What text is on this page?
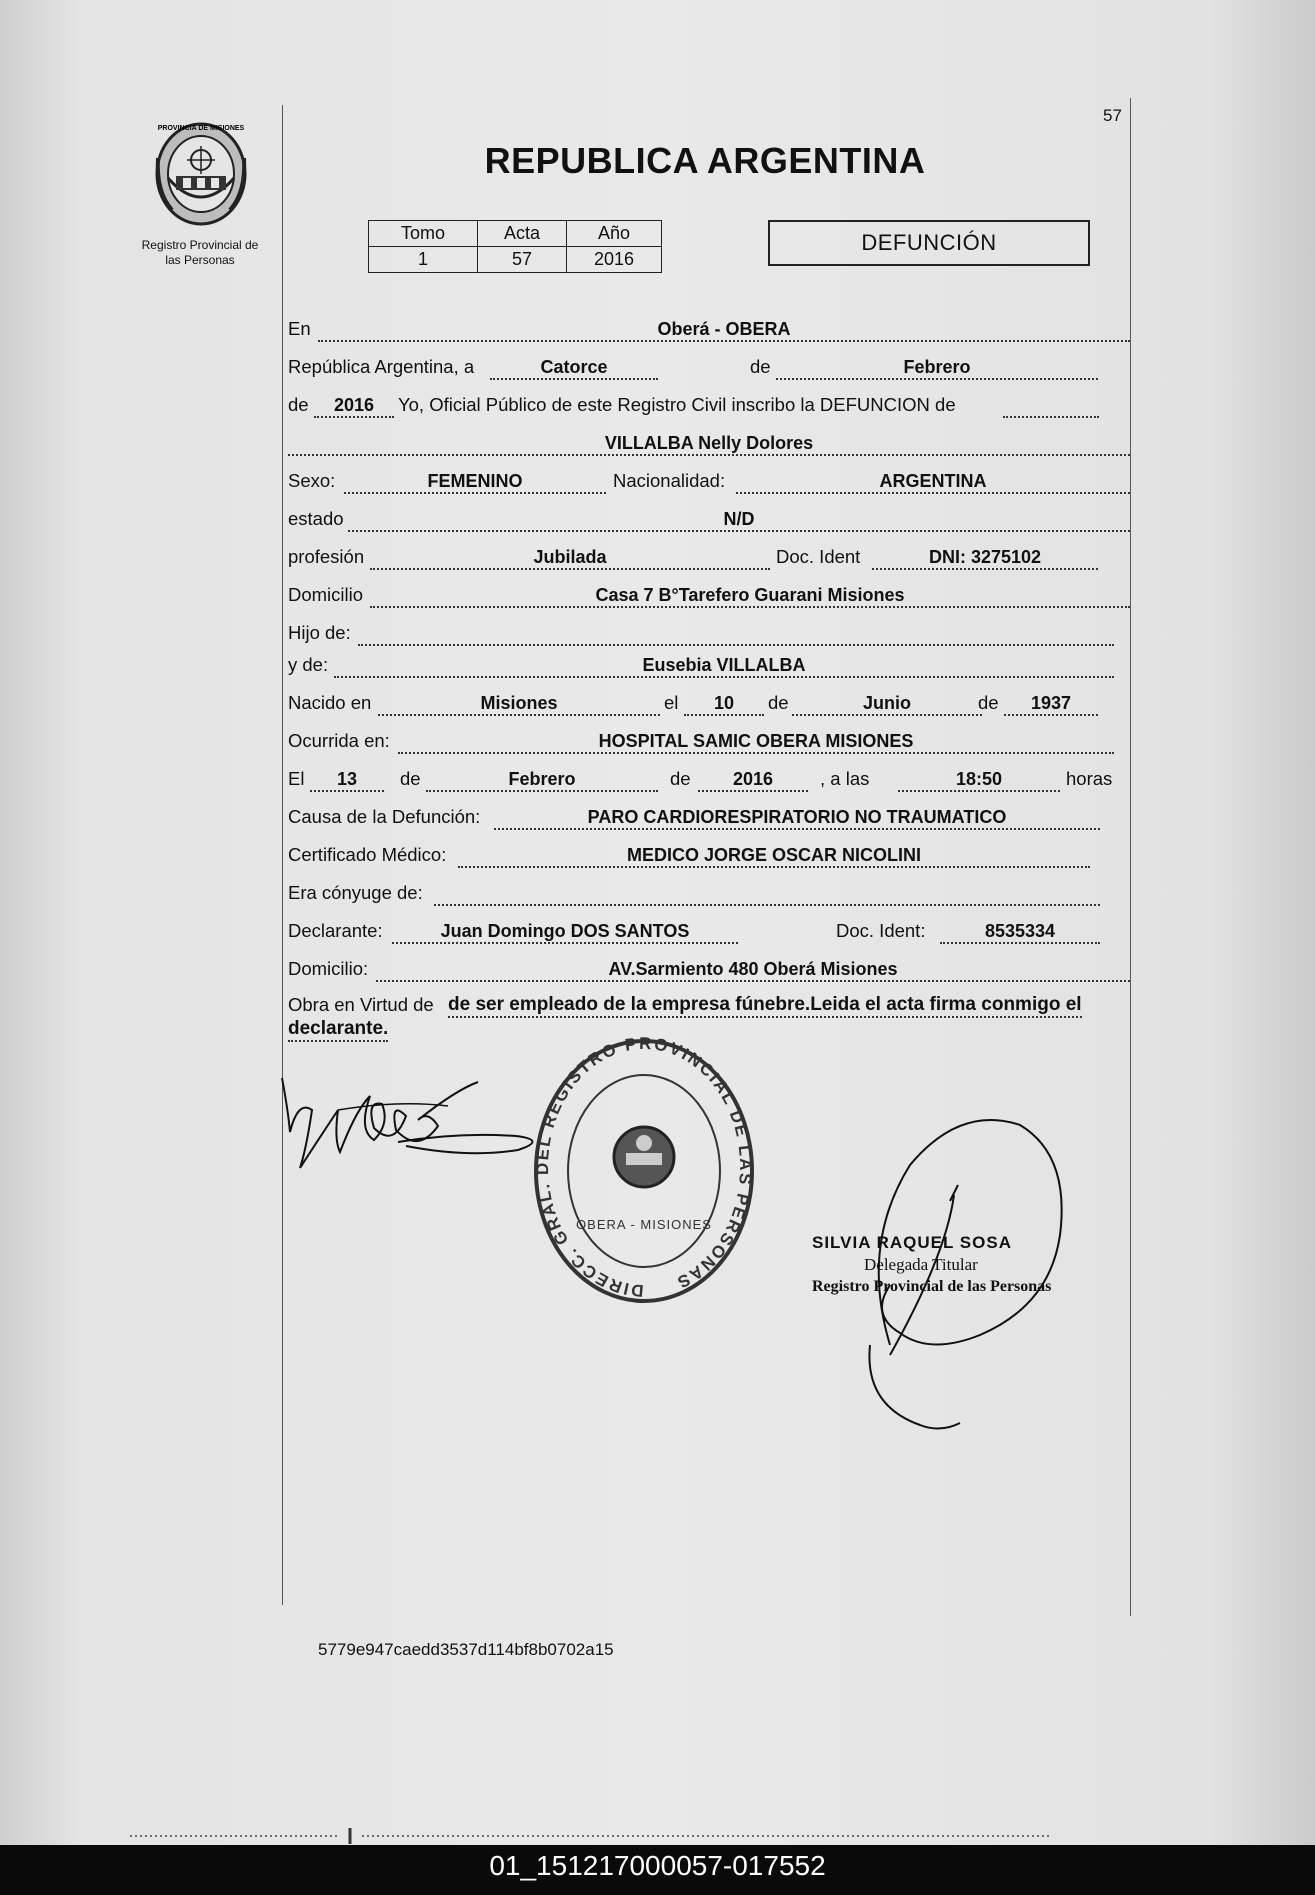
57
PROVINCIA DE MISIONES
Registro Provincial de
las Personas
REPUBLICA ARGENTINA
Tomo	Acta	Año
1	57	2016
DEFUNCIÓN
En	Oberá - OBERA
República Argentina, a	Catorce	de	Febrero
de	2016	Yo, Oficial Público de este Registro Civil inscribo la DEFUNCION de
VILLALBA Nelly Dolores
Sexo:	FEMENINO	Nacionalidad:	ARGENTINA
estado	N/D
profesión	Jubilada	Doc. Ident	DNI: 3275102
Domicilio	Casa 7 B°Tarefero Guarani Misiones
Hijo de:
y de:	Eusebia VILLALBA
Nacido en	Misiones	el	10	de	Junio	de	1937
Ocurrida en:	HOSPITAL SAMIC OBERA MISIONES
El	13	de	Febrero	de	2016	, a las	18:50	horas
Causa de la Defunción:	PARO CARDIORESPIRATORIO NO TRAUMATICO
Certificado Médico:	MEDICO JORGE OSCAR NICOLINI
Era cónyuge de:
Declarante:	Juan Domingo DOS SANTOS	Doc. Ident:	8535334
Domicilio:	AV.Sarmiento 480 Oberá Misiones
Obra en Virtud de de ser empleado de la empresa fúnebre.Leida el acta firma conmigo el
declarante.
DIRECC. GRAL. DEL REGISTRO PROVINCIAL DE LAS PERSONAS
OBERA - MISIONES
SILVIA RAQUEL SOSA
Delegada Titular
Registro Provincial de las Personas
5779e947caedd3537d114bf8b0702a15
01_151217000057-017552
